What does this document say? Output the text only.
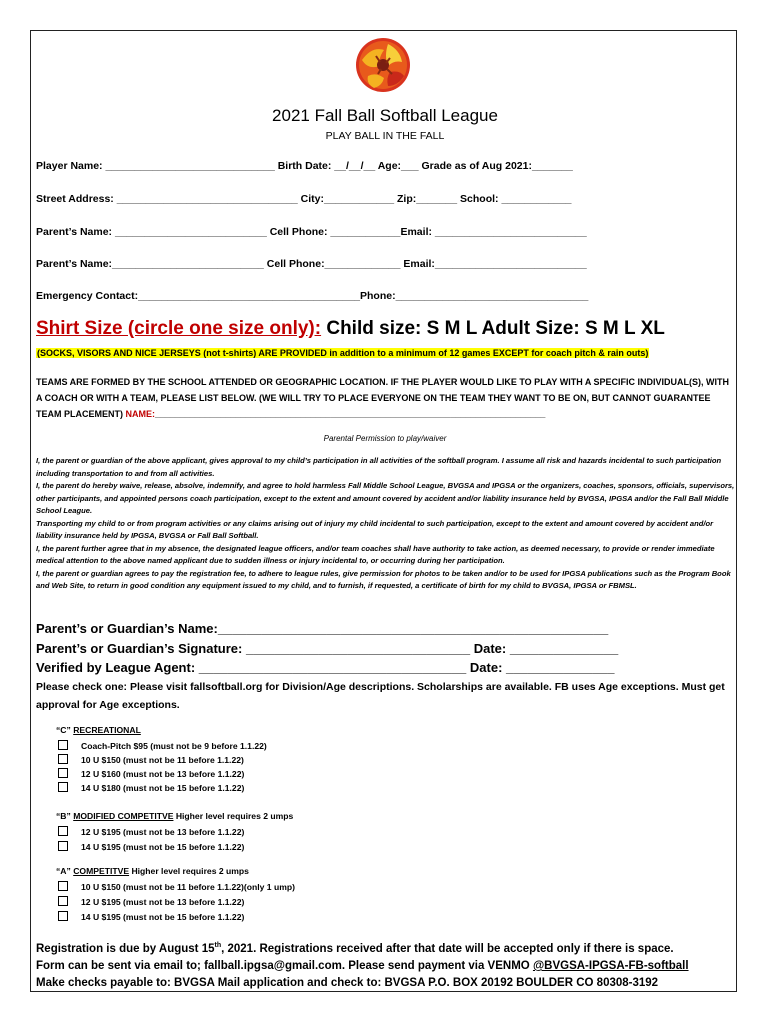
2021 Fall Ball Softball League
PLAY BALL IN THE FALL
Player Name: _____________________________ Birth Date: __/__/__ Age:___ Grade as of Aug 2021:_______
Street Address: _______________________________ City:____________ Zip:_______ School: ____________
Parent’s Name: __________________________ Cell Phone: ____________Email: __________________________
Parent’s Name:__________________________ Cell Phone:_____________ Email:__________________________
Emergency Contact:______________________________________Phone:_________________________________
Shirt Size (circle one size only): Child size: S M L Adult Size: S M L XL
(SOCKS, VISORS AND NICE JERSEYS (not t-shirts) ARE PROVIDED in addition to a minimum of 12 games EXCEPT for coach pitch & rain outs)
TEAMS ARE FORMED BY THE SCHOOL ATTENDED OR GEOGRAPHIC LOCATION. IF THE PLAYER WOULD LIKE TO PLAY WITH A SPECIFIC INDIVIDUAL(S), WITH A COACH OR WITH A TEAM, PLEASE LIST BELOW. (WE WILL TRY TO PLACE EVERYONE ON THE TEAM THEY WANT TO BE ON, BUT CANNOT GUARANTEE TEAM PLACEMENT) NAME:______________________________________________________________________________
Parental Permission to play/waiver

I, the parent or guardian of the above applicant, gives approval to my child’s participation in all activities of the softball program. I assume all risk and hazards incidental to such participation including transportation to and from all activities.

I, the parent do hereby waive, release, absolve, indemnify, and agree to hold harmless Fall Middle School League, BVGSA and IPGSA or the organizers, coaches, sponsors, officials, supervisors, other participants, and appointed persons coach participation, except to the extent and amount covered by accident and/or liability insurance held by BVGSA, IPGSA and/or the Fall Ball Middle School League.

Transporting my child to or from program activities or any claims arising out of injury my child incidental to such participation, except to the extent and amount covered by accident and/or liability insurance held by IPGSA, BVGSA or Fall Ball Softball.

I, the parent further agree that in my absence, the designated league officers, and/or team coaches shall have authority to take action, as deemed necessary, to provide or render immediate medical attention to the above named applicant due to sudden illness or injury incidental to, or occurring during her participation.

I, the parent or guardian agrees to pay the registration fee, to adhere to league rules, give permission for photos to be taken and/or to be used for IPGSA publications such as the Program Book and Web Site, to return in good condition any equipment issued to my child, and to furnish, if requested, a certificate of birth for my child to BVGSA, IPGSA or FBMSL.

Parent’s or Guardian’s Name:______________________________________________________
Parent’s or Guardian’s Signature: _______________________________ Date: _______________
Verified by League Agent: _____________________________________ Date: _______________
Please check one: Please visit fallsoftball.org for Division/Age descriptions. Scholarships are available. FB uses Age exceptions. Must get approval for Age exceptions.
“C” RECREATIONAL
Coach-Pitch $95 (must not be 9 before 1.1.22)
10 U $150 (must not be 11 before 1.1.22)
12 U $160 (must not be 13 before 1.1.22)
14 U $180 (must not be 15 before 1.1.22)
“B” MODIFIED COMPETITVE Higher level requires 2 umps
12 U $195 (must not be 13 before 1.1.22)
14 U $195 (must not be 15 before 1.1.22)
“A” COMPETITVE Higher level requires 2 umps
10 U $150 (must not be 11 before 1.1.22)(only 1 ump)
12 U $195 (must not be 13 before 1.1.22)
14 U $195 (must not be 15 before 1.1.22)
Registration is due by August 15th, 2021. Registrations received after that date will be accepted only if there is space.
Form can be sent via email to; fallball.ipgsa@gmail.com. Please send payment via VENMO @BVGSA-IPGSA-FB-softball
Make checks payable to: BVGSA Mail application and check to: BVGSA P.O. BOX 20192 BOULDER CO 80308-3192
